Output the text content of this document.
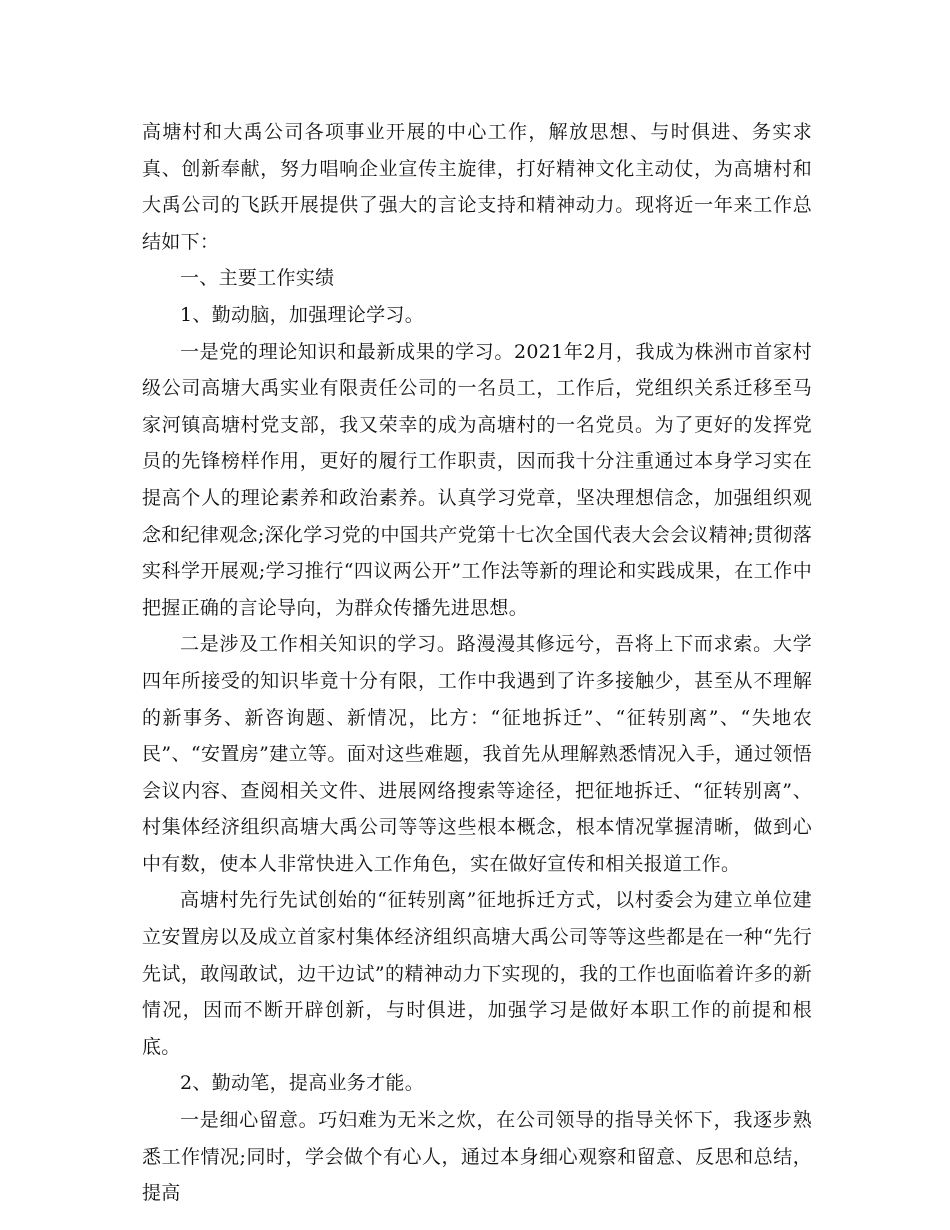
高塘村和大禹公司各项事业开展的中心工作，解放思想、与时俱进、务实求真、创新奉献，努力唱响企业宣传主旋律，打好精神文化主动仗，为高塘村和大禹公司的飞跃开展提供了强大的言论支持和精神动力。现将近一年来工作总结如下：

一、主要工作实绩

1、勤动脑，加强理论学习。

一是党的理论知识和最新成果的学习。2021年2月，我成为株洲市首家村级公司高塘大禹实业有限责任公司的一名员工，工作后，党组织关系迁移至马家河镇高塘村党支部，我又荣幸的成为高塘村的一名党员。为了更好的发挥党员的先锋榜样作用，更好的履行工作职责，因而我十分注重通过本身学习实在提高个人的理论素养和政治素养。认真学习党章，坚决理想信念，加强组织观念和纪律观念;深化学习党的中国共产党第十七次全国代表大会会议精神;贯彻落实科学开展观;学习推行“四议两公开”工作法等新的理论和实践成果，在工作中把握正确的言论导向，为群众传播先进思想。

二是涉及工作相关知识的学习。路漫漫其修远兮，吾将上下而求索。大学四年所接受的知识毕竟十分有限，工作中我遇到了许多接触少，甚至从不理解的新事务、新咨询题、新情况，比方：“征地拆迁”、“征转别离”、“失地农民”、“安置房”建立等。面对这些难题，我首先从理解熟悉情况入手，通过领悟会议内容、查阅相关文件、进展网络搜索等途径，把征地拆迁、“征转别离”、村集体经济组织高塘大禹公司等等这些根本概念，根本情况掌握清晰，做到心中有数，使本人非常快进入工作角色，实在做好宣传和相关报道工作。

高塘村先行先试创始的“征转别离”征地拆迁方式，以村委会为建立单位建立安置房以及成立首家村集体经济组织高塘大禹公司等等这些都是在一种“先行先试，敢闯敢试，边干边试”的精神动力下实现的，我的工作也面临着许多的新情况，因而不断开辟创新，与时俱进，加强学习是做好本职工作的前提和根底。

2、勤动笔，提高业务才能。

一是细心留意。巧妇难为无米之炊，在公司领导的指导关怀下，我逐步熟悉工作情况;同时，学会做个有心人，通过本身细心观察和留意、反思和总结，提高
